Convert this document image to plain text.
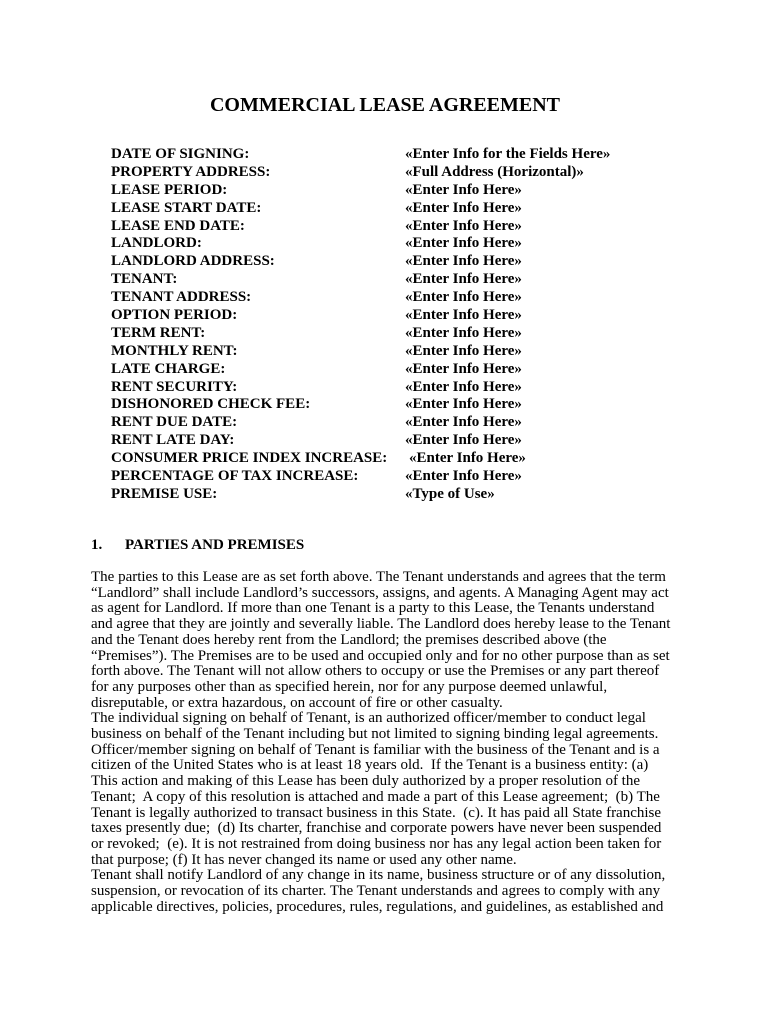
COMMERCIAL LEASE AGREEMENT
DATE OF SIGNING:	«Enter Info for the Fields Here»
PROPERTY ADDRESS:	«Full Address (Horizontal)»
LEASE PERIOD:	«Enter Info Here»
LEASE START DATE:	«Enter Info Here»
LEASE END DATE:	«Enter Info Here»
LANDLORD:	«Enter Info Here»
LANDLORD ADDRESS:	«Enter Info Here»
TENANT:	«Enter Info Here»
TENANT ADDRESS:	«Enter Info Here»
OPTION PERIOD:	«Enter Info Here»
TERM RENT:	«Enter Info Here»
MONTHLY RENT:	«Enter Info Here»
LATE CHARGE:	«Enter Info Here»
RENT SECURITY:	«Enter Info Here»
DISHONORED CHECK FEE:	«Enter Info Here»
RENT DUE DATE:	«Enter Info Here»
RENT LATE DAY:	«Enter Info Here»
CONSUMER PRICE INDEX INCREASE: «Enter Info Here»
PERCENTAGE OF TAX INCREASE:	«Enter Info Here»
PREMISE USE:	«Type of Use»
1. PARTIES AND PREMISES
The parties to this Lease are as set forth above. The Tenant understands and agrees that the term
“Landlord” shall include Landlord’s successors, assigns, and agents. A Managing Agent may act
as agent for Landlord. If more than one Tenant is a party to this Lease, the Tenants understand
and agree that they are jointly and severally liable. The Landlord does hereby lease to the Tenant
and the Tenant does hereby rent from the Landlord; the premises described above (the
“Premises”). The Premises are to be used and occupied only and for no other purpose than as set
forth above. The Tenant will not allow others to occupy or use the Premises or any part thereof
for any purposes other than as specified herein, nor for any purpose deemed unlawful,
disreputable, or extra hazardous, on account of fire or other casualty.
The individual signing on behalf of Tenant, is an authorized officer/member to conduct legal
business on behalf of the Tenant including but not limited to signing binding legal agreements.
Officer/member signing on behalf of Tenant is familiar with the business of the Tenant and is a
citizen of the United States who is at least 18 years old.  If the Tenant is a business entity: (a)
This action and making of this Lease has been duly authorized by a proper resolution of the
Tenant;  A copy of this resolution is attached and made a part of this Lease agreement;  (b) The
Tenant is legally authorized to transact business in this State.  (c). It has paid all State franchise
taxes presently due;  (d) Its charter, franchise and corporate powers have never been suspended
or revoked;  (e). It is not restrained from doing business nor has any legal action been taken for
that purpose; (f) It has never changed its name or used any other name.
Tenant shall notify Landlord of any change in its name, business structure or of any dissolution,
suspension, or revocation of its charter. The Tenant understands and agrees to comply with any
applicable directives, policies, procedures, rules, regulations, and guidelines, as established and
